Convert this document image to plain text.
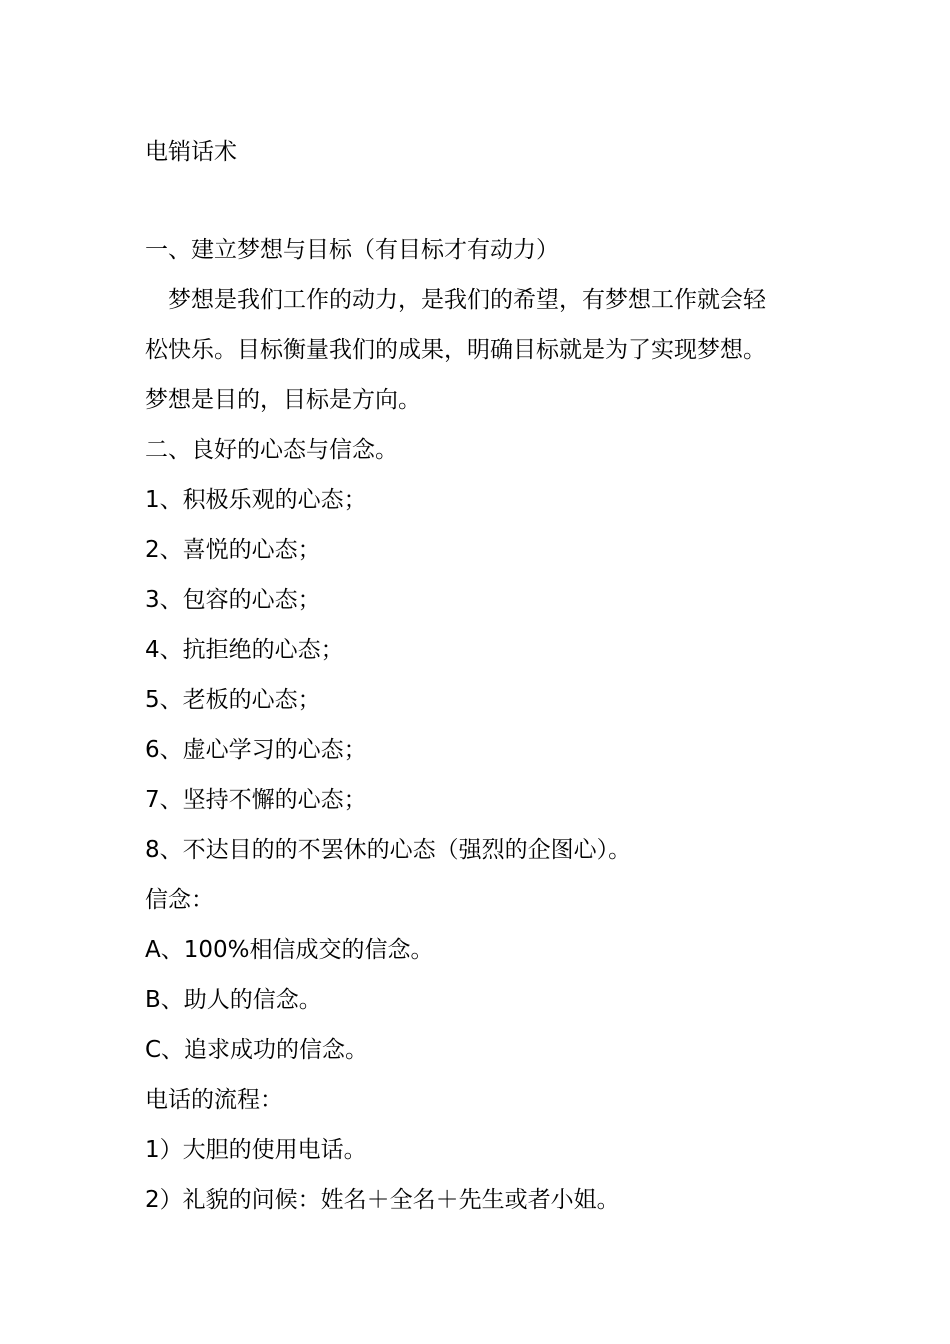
电销话术
一、建立梦想与目标（有目标才有动力）
梦想是我们工作的动力，是我们的希望，有梦想工作就会轻
松快乐。目标衡量我们的成果，明确目标就是为了实现梦想。
梦想是目的，目标是方向。
二、良好的心态与信念。
1、积极乐观的心态；
2、喜悦的心态；
3、包容的心态；
4、抗拒绝的心态；
5、老板的心态；
6、虚心学习的心态；
7、坚持不懈的心态；
8、不达目的的不罢休的心态（强烈的企图心）。
信念：
A、100%相信成交的信念。
B、助人的信念。
C、追求成功的信念。
电话的流程：
1）大胆的使用电话。
2）礼貌的问候：姓名＋全名＋先生或者小姐。
